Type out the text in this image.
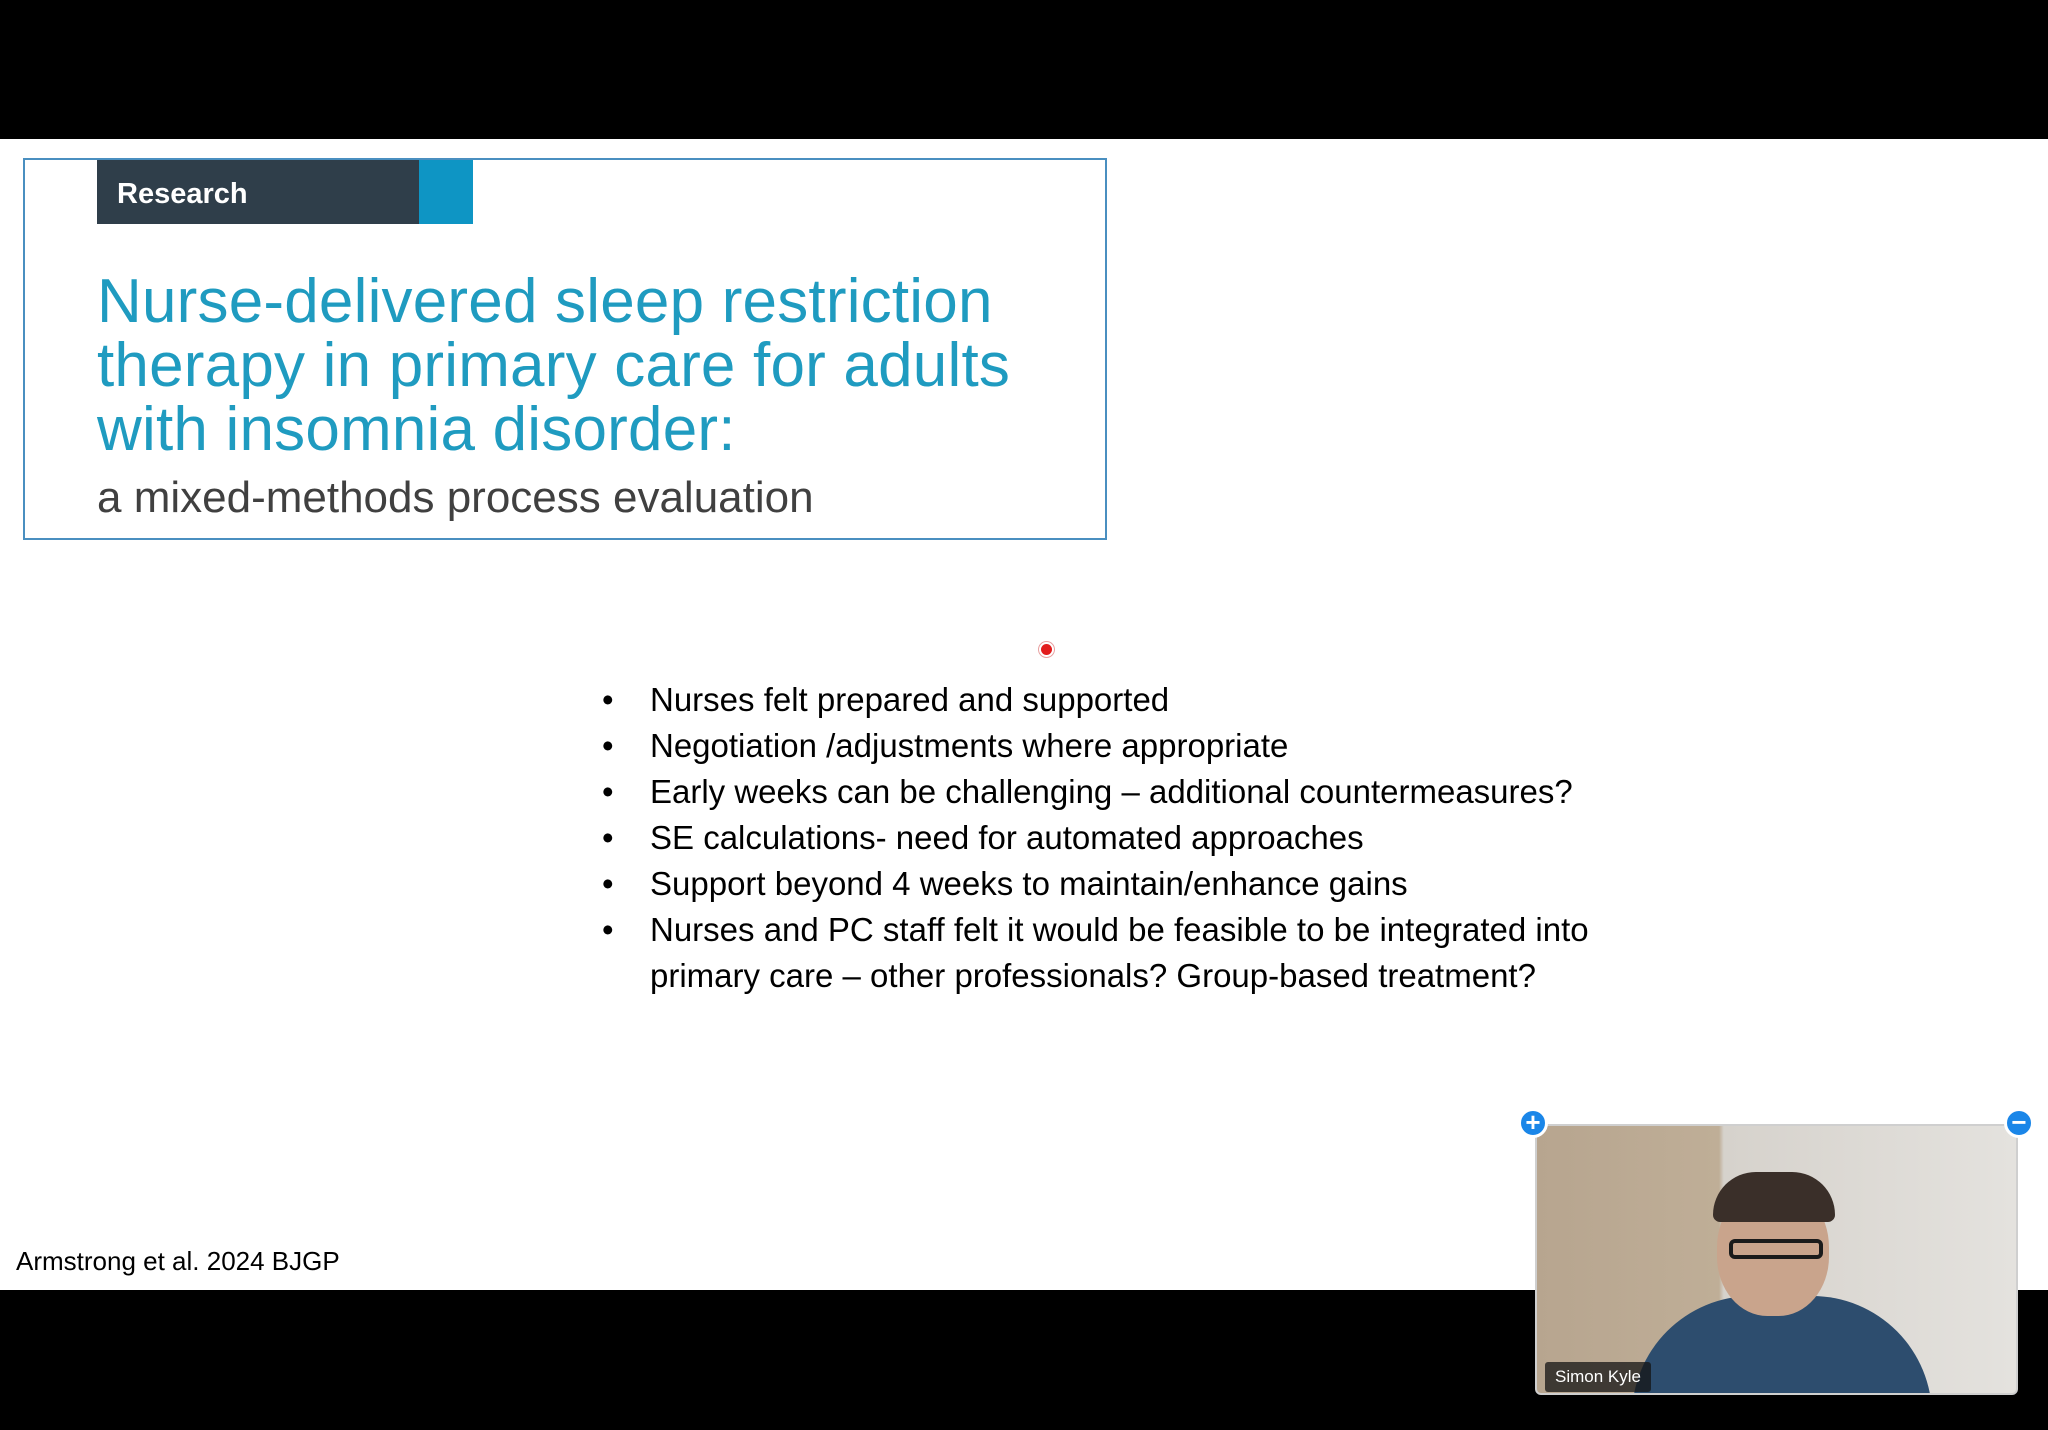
Research
Nurse-delivered sleep restriction therapy in primary care for adults with insomnia disorder:
a mixed-methods process evaluation
• Nurses felt prepared and supported
• Negotiation /adjustments where appropriate
• Early weeks can be challenging – additional countermeasures?
• SE calculations- need for automated approaches
• Support beyond 4 weeks to maintain/enhance gains
• Nurses and PC staff felt it would be feasible to be integrated into primary care – other professionals? Group-based treatment?
Armstrong et al. 2024 BJGP
Simon Kyle
+	−
